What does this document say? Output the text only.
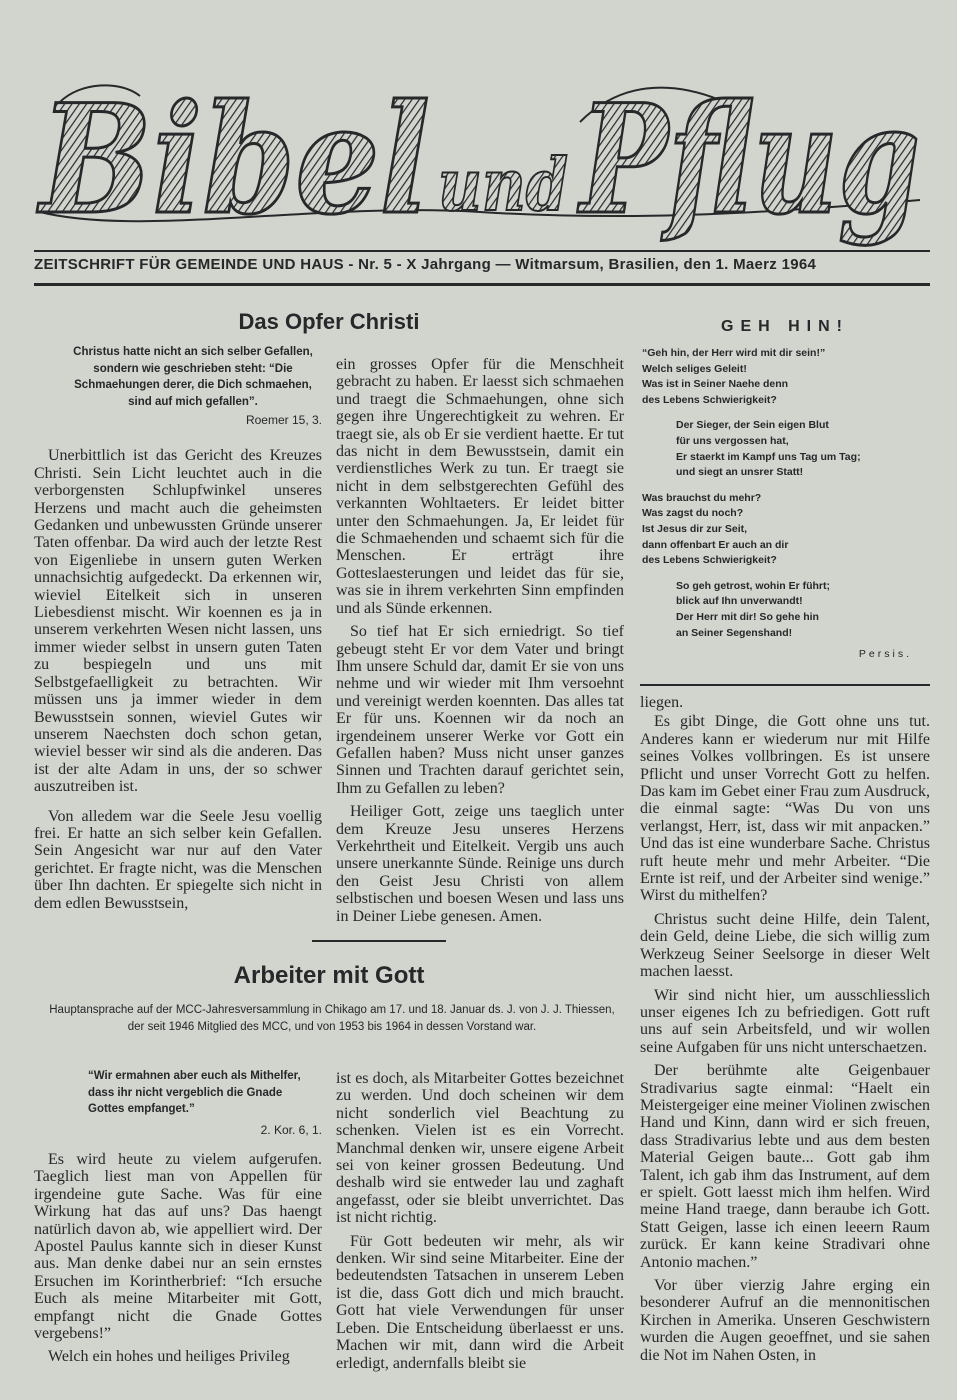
Bibel und Pflug
ZEITSCHRIFT FÜR GEMEINDE UND HAUS - Nr. 5 - X Jahrgang — Witmarsum, Brasilien, den 1. Maerz 1964
Das Opfer Christi
Christus hatte nicht an sich selber Gefallen, sondern wie geschrieben steht: “Die Schmaehungen derer, die Dich schmaehen, sind auf mich gefallen”.
Roemer 15, 3.

Unerbittlich ist das Gericht des Kreuzes Christi. Sein Licht leuchtet auch in die verborgensten Schlupfwinkel unseres Herzens und macht auch die geheimsten Gedanken und unbewussten Gründe unserer Taten offenbar. Da wird auch der letzte Rest von Eigenliebe in unsern guten Werken unnachsichtig aufgedeckt. Da erkennen wir, wieviel Eitelkeit sich in unseren Liebesdienst mischt. Wir koennen es ja in unserem verkehrten Wesen nicht lassen, uns immer wieder selbst in unsern guten Taten zu bespiegeln und uns mit Selbstgefaelligkeit zu betrachten. Wir müssen uns ja immer wieder in dem Bewusstsein sonnen, wieviel Gutes wir unserem Naechsten doch schon getan, wieviel besser wir sind als die anderen. Das ist der alte Adam in uns, der so schwer auszutreiben ist.

Von alledem war die Seele Jesu voellig frei. Er hatte an sich selber kein Gefallen. Sein Angesicht war nur auf den Vater gerichtet. Er fragte nicht, was die Menschen über Ihn dachten. Er spiegelte sich nicht in dem edlen Bewusstsein,

ein grosses Opfer für die Menschheit gebracht zu haben. Er laesst sich schmaehen und traegt die Schmaehungen, ohne sich gegen ihre Ungerechtigkeit zu wehren. Er traegt sie, als ob Er sie verdient haette. Er tut das nicht in dem Bewusstsein, damit ein verdienstliches Werk zu tun. Er traegt sie nicht in dem selbstgerechten Gefühl des verkannten Wohltaeters. Er leidet bitter unter den Schmaehungen. Ja, Er leidet für die Schmaehenden und schaemt sich für die Menschen. Er erträgt ihre Gotteslaesterungen und leidet das für sie, was sie in ihrem verkehrten Sinn empfinden und als Sünde erkennen.

So tief hat Er sich erniedrigt. So tief gebeugt steht Er vor dem Vater und bringt Ihm unsere Schuld dar, damit Er sie von uns nehme und wir wieder mit Ihm versoehnt und vereinigt werden koennten. Das alles tat Er für uns. Koennen wir da noch an irgendeinem unserer Werke vor Gott ein Gefallen haben? Muss nicht unser ganzes Sinnen und Trachten darauf gerichtet sein, Ihm zu Gefallen zu leben?

Heiliger Gott, zeige uns taeglich unter dem Kreuze Jesu unseres Herzens Verkehrtheit und Eitelkeit. Vergib uns auch unsere unerkannte Sünde. Reinige uns durch den Geist Jesu Christi von allem selbstischen und boesen Wesen und lass uns in Deiner Liebe genesen. Amen.

GEH HIN!
“Geh hin, der Herr wird mit dir sein!”
Welch seliges Geleit!
Was ist in Seiner Naehe denn
des Lebens Schwierigkeit?
Der Sieger, der Sein eigen Blut
für uns vergossen hat,
Er staerkt im Kampf uns Tag um Tag;
und siegt an unsrer Statt!
Was brauchst du mehr?
Was zagst du noch?
Ist Jesus dir zur Seit,
dann offenbart Er auch an dir
des Lebens Schwierigkeit?
So geh getrost, wohin Er führt;
blick auf Ihn unverwandt!
Der Herr mit dir! So gehe hin
an Seiner Segenshand!
Persis.
Arbeiter mit Gott
Hauptansprache auf der MCC-Jahresversammlung in Chikago am 17. und 18. Januar ds. J. von J. J. Thiessen, der seit 1946 Mitglied des MCC, und von 1953 bis 1964 in dessen Vorstand war.
“Wir ermahnen aber euch als Mithelfer, dass ihr nicht vergeblich die Gnade Gottes empfanget.”
2. Kor. 6, 1.

Es wird heute zu vielem aufgerufen. Taeglich liest man von Appellen für irgendeine gute Sache. Was für eine Wirkung hat das auf uns? Das haengt natürlich davon ab, wie appelliert wird. Der Apostel Paulus kannte sich in dieser Kunst aus. Man denke dabei nur an sein ernstes Ersuchen im Korintherbrief: “Ich ersuche Euch als meine Mitarbeiter mit Gott, empfangt nicht die Gnade Gottes vergebens!”

Welch ein hohes und heiliges Privileg

ist es doch, als Mitarbeiter Gottes bezeichnet zu werden. Und doch scheinen wir dem nicht sonderlich viel Beachtung zu schenken. Vielen ist es ein Vorrecht. Manchmal denken wir, unsere eigene Arbeit sei von keiner grossen Bedeutung. Und deshalb wird sie entweder lau und zaghaft angefasst, oder sie bleibt unverrichtet. Das ist nicht richtig.

Für Gott bedeuten wir mehr, als wir denken. Wir sind seine Mitarbeiter. Eine der bedeutendsten Tatsachen in unserem Leben ist die, dass Gott dich und mich braucht. Gott hat viele Verwendungen für unser Leben. Die Entscheidung überlaesst er uns. Machen wir mit, dann wird die Arbeit erledigt, andernfalls bleibt sie

liegen.

Es gibt Dinge, die Gott ohne uns tut. Anderes kann er wiederum nur mit Hilfe seines Volkes vollbringen. Es ist unsere Pflicht und unser Vorrecht Gott zu helfen. Das kam im Gebet einer Frau zum Ausdruck, die einmal sagte: “Was Du von uns verlangst, Herr, ist, dass wir mit anpacken.” Und das ist eine wunderbare Sache. Christus ruft heute mehr und mehr Arbeiter. “Die Ernte ist reif, und der Arbeiter sind wenige.” Wirst du mithelfen?

Christus sucht deine Hilfe, dein Talent, dein Geld, deine Liebe, die sich willig zum Werkzeug Seiner Seelsorge in dieser Welt machen laesst.

Wir sind nicht hier, um ausschliesslich unser eigenes Ich zu befriedigen. Gott ruft uns auf sein Arbeitsfeld, und wir wollen seine Aufgaben für uns nicht unterschaetzen.

Der berühmte alte Geigenbauer Stradivarius sagte einmal: “Haelt ein Meistergeiger eine meiner Violinen zwischen Hand und Kinn, dann wird er sich freuen, dass Stradivarius lebte und aus dem besten Material Geigen baute... Gott gab ihm Talent, ich gab ihm das Instrument, auf dem er spielt. Gott laesst mich ihm helfen. Wird meine Hand traege, dann beraube ich Gott. Statt Geigen, lasse ich einen leeern Raum zurück. Er kann keine Stradivari ohne Antonio machen.”

Vor über vierzig Jahre erging ein besonderer Aufruf an die mennonitischen Kirchen in Amerika. Unseren Geschwistern wurden die Augen geoeffnet, und sie sahen die Not im Nahen Osten, in
